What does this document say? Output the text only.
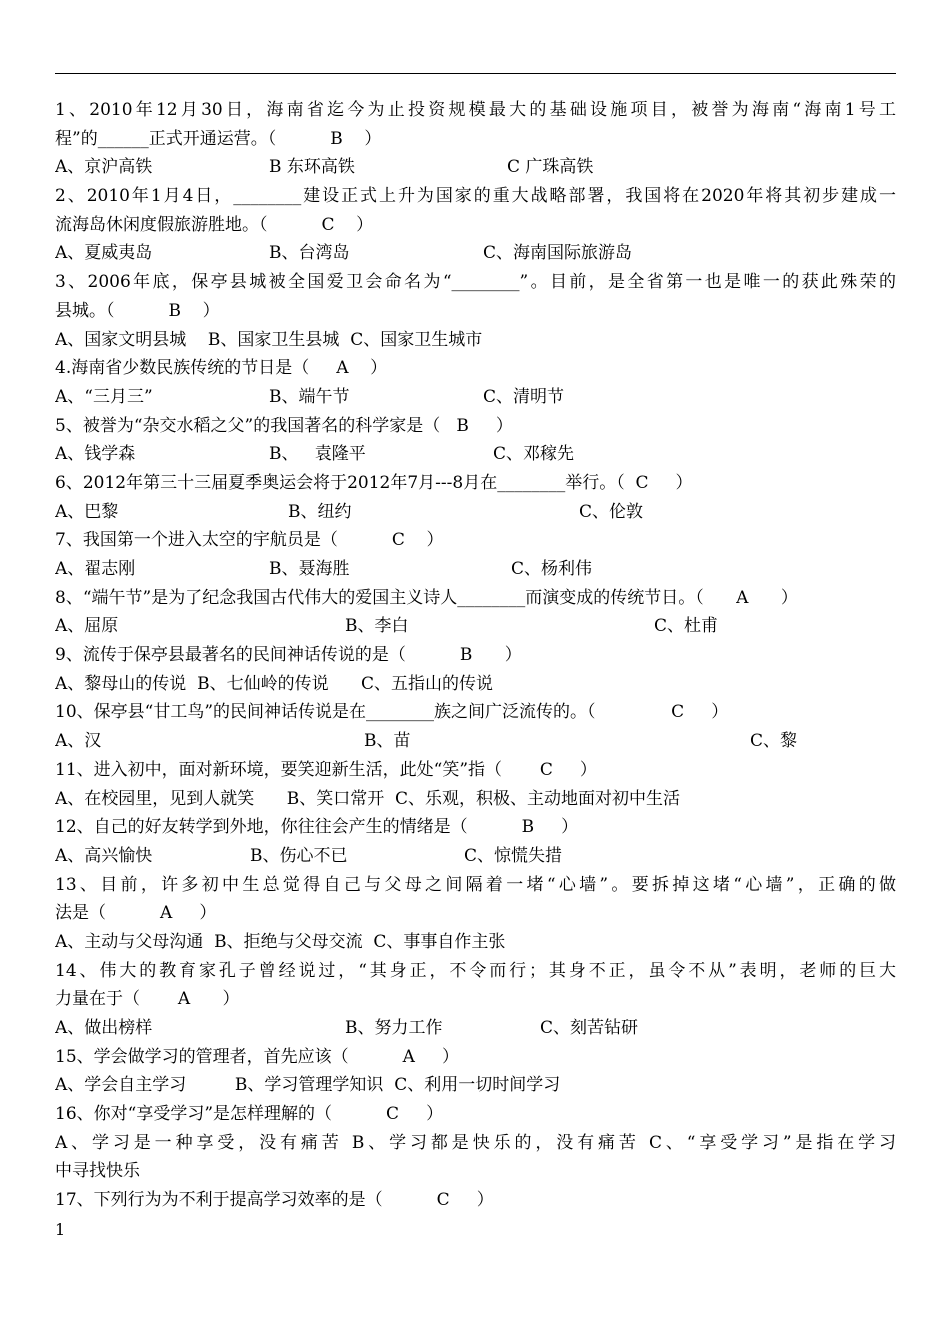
1、2010年12月30日，海南省迄今为止投资规模最大的基础设施项目，被誉为海南“海南1号工
程”的______正式开通运营。（          B    ）

A、京沪高铁

	B 东环高铁

	C 广珠高铁

2、2010年1月4日，________建设正式上升为国家的重大战略部署，我国将在2020年将其初步建成一
流海岛休闲度假旅游胜地。（          C    ）

A、夏威夷岛

	B、台湾岛

	C、海南国际旅游岛

3、2006年底，保亭县城被全国爱卫会命名为“________”。目前，是全省第一也是唯一的获此殊荣的
县城。（          B    ）
A、国家文明县城    B、国家卫生县城  C、国家卫生城市
4.海南省少数民族传统的节日是（     A    ）

A、“三月三”

	B、端午节

	C、清明节

5、被誉为“杂交水稻之父”的我国著名的科学家是（   B     ）

A、钱学森

	B、   袁隆平

	C、邓稼先

6、2012年第三十三届夏季奥运会将于2012年7月---8月在________举行。（  C     ）

A、巴黎

	B、纽约

	C、伦敦

7、我国第一个进入太空的宇航员是（          C    ）

A、翟志刚

	B、聂海胜

	C、杨利伟

8、“端午节”是为了纪念我国古代伟大的爱国主义诗人________而演变成的传统节日。（      A      ）

A、屈原

	B、李白

	C、杜甫

9、流传于保亭县最著名的民间神话传说的是（          B      ）
A、黎母山的传说  B、七仙岭的传说      C、五指山的传说
10、保亭县“甘工鸟”的民间神话传说是在________族之间广泛流传的。（              C     ）

A、汉

	B、苗

	C、黎

11、进入初中，面对新环境，要笑迎新生活，此处“笑”指（       C     ）
A、在校园里，见到人就笑      B、笑口常开  C、乐观，积极、主动地面对初中生活
12、自己的好友转学到外地，你往往会产生的情绪是（          B     ）

A、高兴愉快

	B、伤心不已

	C、惊慌失措

13、目前，许多初中生总觉得自己与父母之间隔着一堵“心墙”。要拆掉这堵“心墙”，正确的做
法是（          A     ）
A、主动与父母沟通  B、拒绝与父母交流  C、事事自作主张
14、伟大的教育家孔子曾经说过，“其身正，不令而行；其身不正，虽令不从”表明，老师的巨大
力量在于（       A      ）

A、做出榜样

	B、努力工作

	C、刻苦钻研

15、学会做学习的管理者，首先应该（          A     ）
A、学会自主学习         B、学习管理学知识  C、利用一切时间学习
16、你对“享受学习”是怎样理解的（          C     ）
A、学习是一种享受，没有痛苦 B、学习都是快乐的，没有痛苦 C、“享受学习”是指在学习
中寻找快乐
17、下列行为为不利于提高学习效率的是（          C     ）
1
